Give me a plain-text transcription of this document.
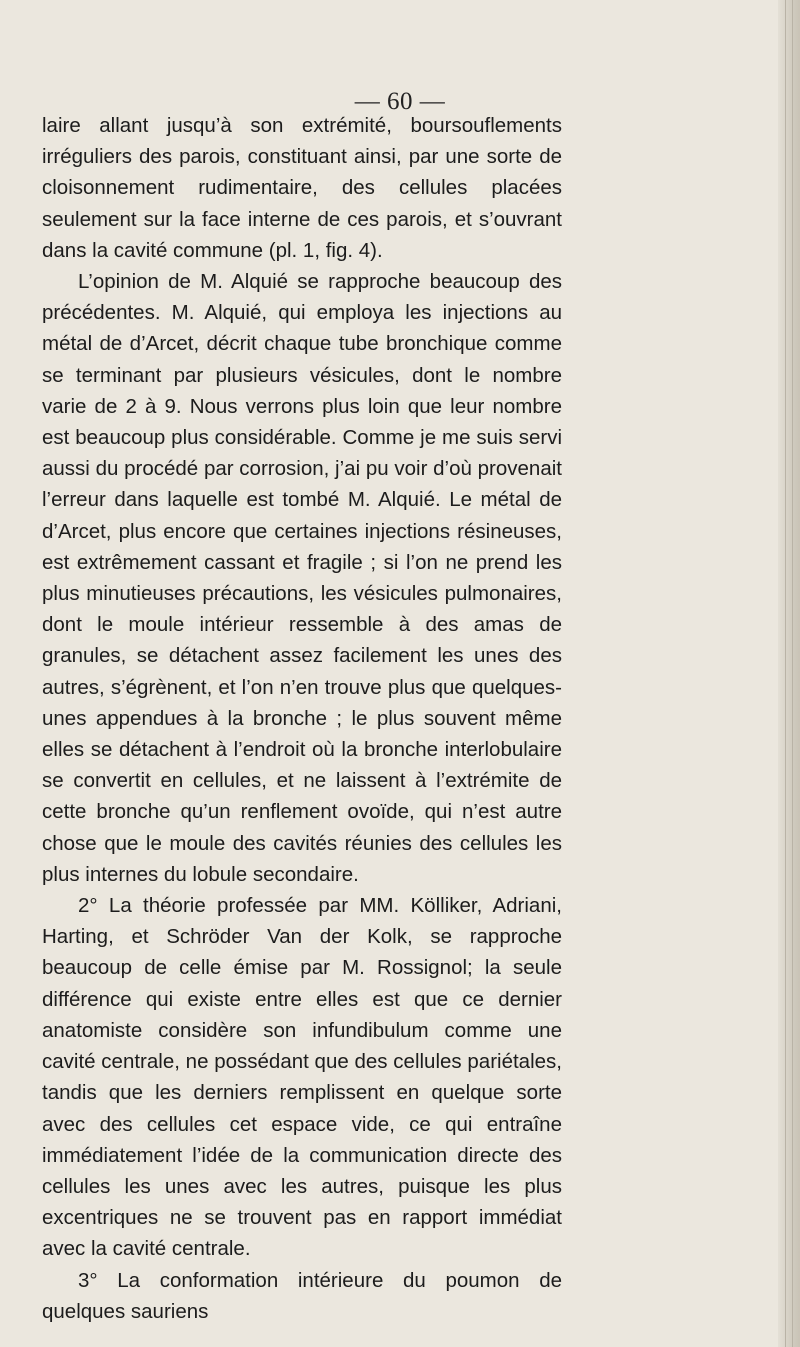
— 60 —

laire allant jusqu’à son extrémité, boursouflements irréguliers des parois, constituant ainsi, par une sorte de cloisonnement rudimentaire, des cellules placées seulement sur la face interne de ces parois, et s’ouvrant dans la cavité commune (pl. 1, fig. 4).

L’opinion de M. Alquié se rapproche beaucoup des précédentes. M. Alquié, qui employa les injections au métal de d’Arcet, décrit chaque tube bronchique comme se terminant par plusieurs vésicules, dont le nombre varie de 2 à 9. Nous verrons plus loin que leur nombre est beaucoup plus considérable. Comme je me suis servi aussi du procédé par corrosion, j’ai pu voir d’où provenait l’erreur dans laquelle est tombé M. Alquié. Le métal de d’Arcet, plus encore que certaines injections résineuses, est extrêmement cassant et fragile ; si l’on ne prend les plus minutieuses précautions, les vésicules pulmonaires, dont le moule intérieur ressemble à des amas de granules, se détachent assez facilement les unes des autres, s’égrènent, et l’on n’en trouve plus que quelques-unes appendues à la bronche ; le plus souvent même elles se détachent à l’endroit où la bronche interlobulaire se convertit en cellules, et ne laissent à l’extrémite de cette bronche qu’un renflement ovoïde, qui n’est autre chose que le moule des cavités réunies des cellules les plus internes du lobule secondaire.

2° La théorie professée par MM. Kölliker, Adriani, Harting, et Schröder Van der Kolk, se rapproche beaucoup de celle émise par M. Rossignol; la seule différence qui existe entre elles est que ce dernier anatomiste considère son infundibulum comme une cavité centrale, ne possédant que des cellules pariétales, tandis que les derniers remplissent en quelque sorte avec des cellules cet espace vide, ce qui entraîne immédiatement l’idée de la communication directe des cellules les unes avec les autres, puisque les plus excentriques ne se trouvent pas en rapport immédiat avec la cavité centrale.

3° La conformation intérieure du poumon de quelques sauriens
